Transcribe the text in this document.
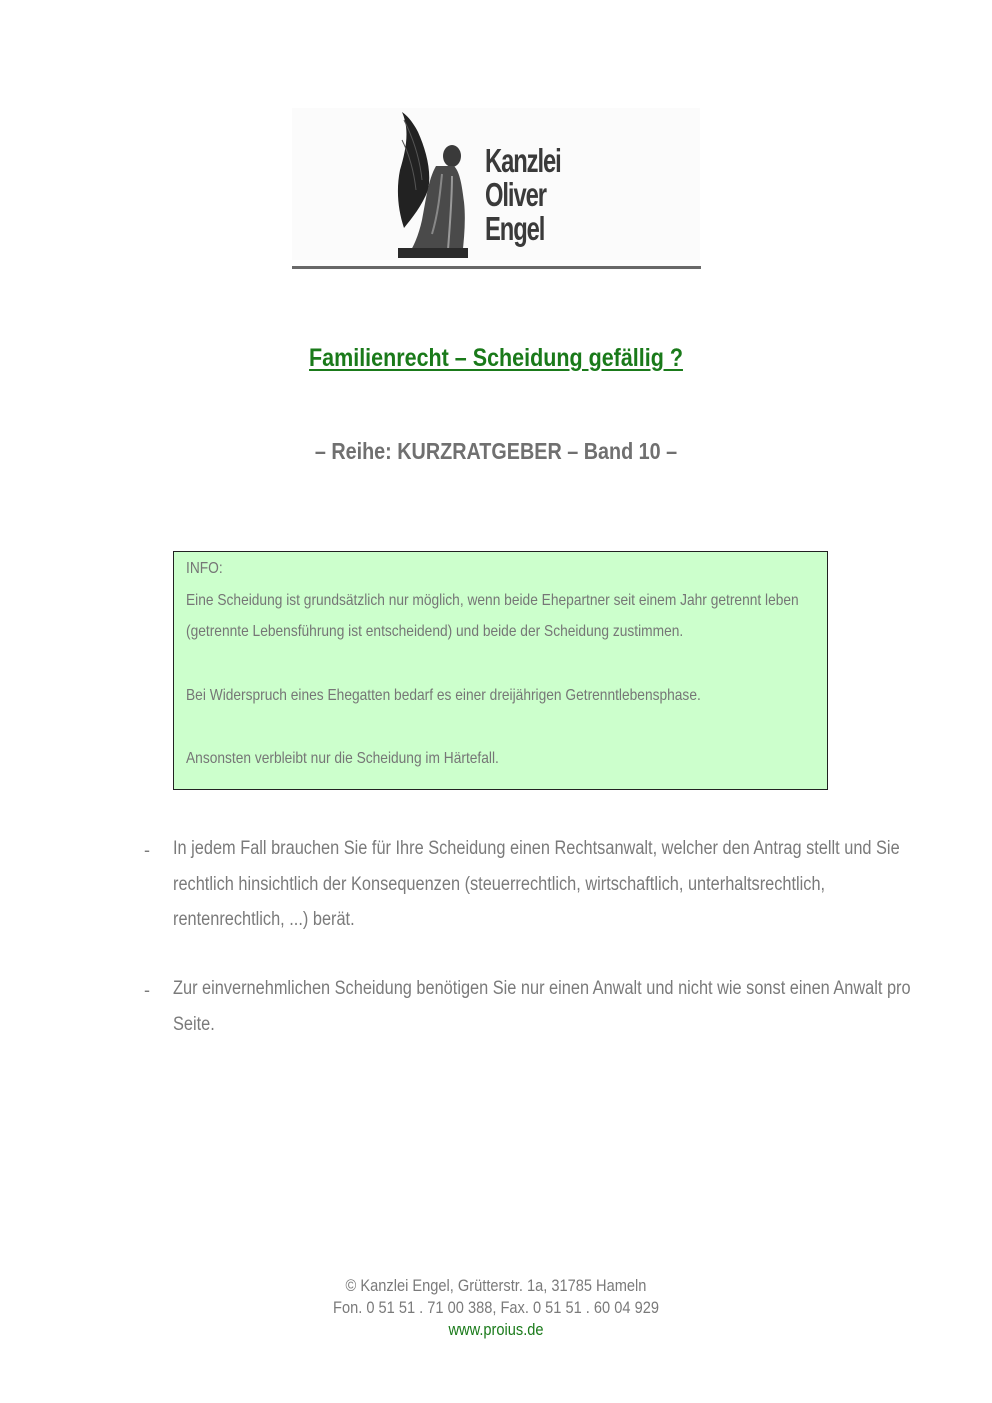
Kanzlei
Oliver
Engel
Familienrecht – Scheidung gefällig ?
– Reihe: KURZRATGEBER – Band 10 –
INFO:
Eine Scheidung ist grundsätzlich nur möglich, wenn beide Ehepartner seit einem Jahr getrennt leben
(getrennte Lebensführung ist entscheidend) und beide der Scheidung zustimmen.
Bei Widerspruch eines Ehegatten bedarf es einer dreijährigen Getrenntlebensphase.
Ansonsten verbleibt nur die Scheidung im Härtefall.
- In jedem Fall brauchen Sie für Ihre Scheidung einen Rechtsanwalt, welcher den Antrag stellt und Sie
rechtlich hinsichtlich der Konsequenzen (steuerrechtlich, wirtschaftlich, unterhaltsrechtlich,
rentenrechtlich, ...) berät.
- Zur einvernehmlichen Scheidung benötigen Sie nur einen Anwalt und nicht wie sonst einen Anwalt pro
Seite.
© Kanzlei Engel, Grütterstr. 1a, 31785 Hameln
Fon. 0 51 51 . 71 00 388, Fax. 0 51 51 . 60 04 929
www.proius.de
